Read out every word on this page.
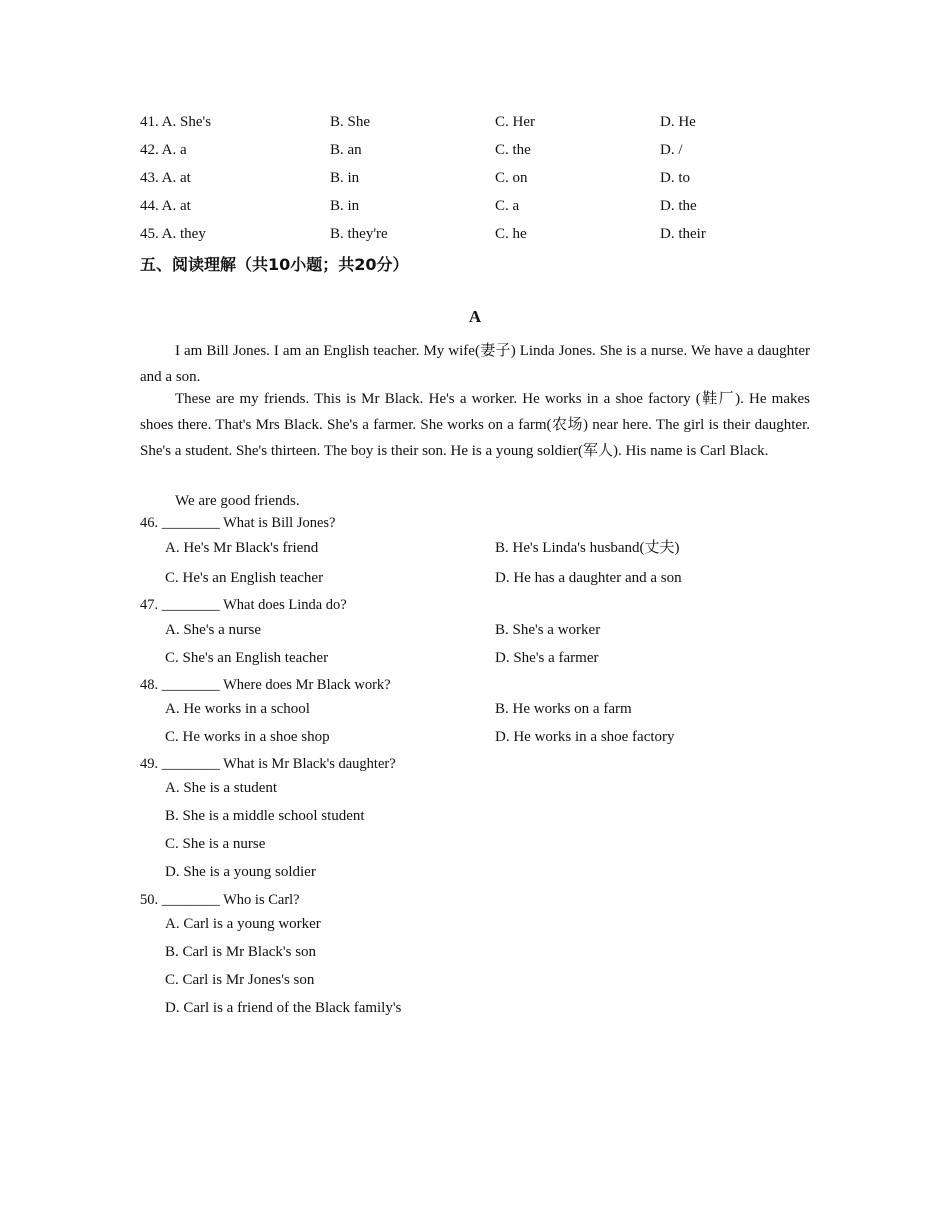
41. A. She's	B. She	C. Her	D. He
42. A. a	B. an	C. the	D. /
43. A. at	B. in	C. on	D. to
44. A. at	B. in	C. a	D. the
45. A. they	B. they're	C. he	D. their
五、阅读理解（共10小题；共20分）
A

I am Bill Jones. I am an English teacher. My wife(妻子) Linda Jones. She is a nurse. We have a daughter and a son.

These are my friends. This is Mr Black. He's a worker. He works in a shoe factory (鞋厂). He makes shoes there. That's Mrs Black. She's a farmer. She works on a farm(农场) near here. The girl is their daughter. She's a student. She's thirteen. The boy is their son. He is a young soldier(军人). His name is Carl Black.

We are good friends.

46. ________ What is Bill Jones?
A. He's Mr Black's friend	B. He's Linda's husband(丈夫)
C. He's an English teacher	D. He has a daughter and a son
47. ________ What does Linda do?
A. She's a nurse	B. She's a worker
C. She's an English teacher	D. She's a farmer
48. ________ Where does Mr Black work?
A. He works in a school	B. He works on a farm
C. He works in a shoe shop	D. He works in a shoe factory
49. ________ What is Mr Black's daughter?
A. She is a student
B. She is a middle school student
C. She is a nurse
D. She is a young soldier
50. ________ Who is Carl?
A. Carl is a young worker
B. Carl is Mr Black's son
C. Carl is Mr Jones's son
D. Carl is a friend of the Black family's
